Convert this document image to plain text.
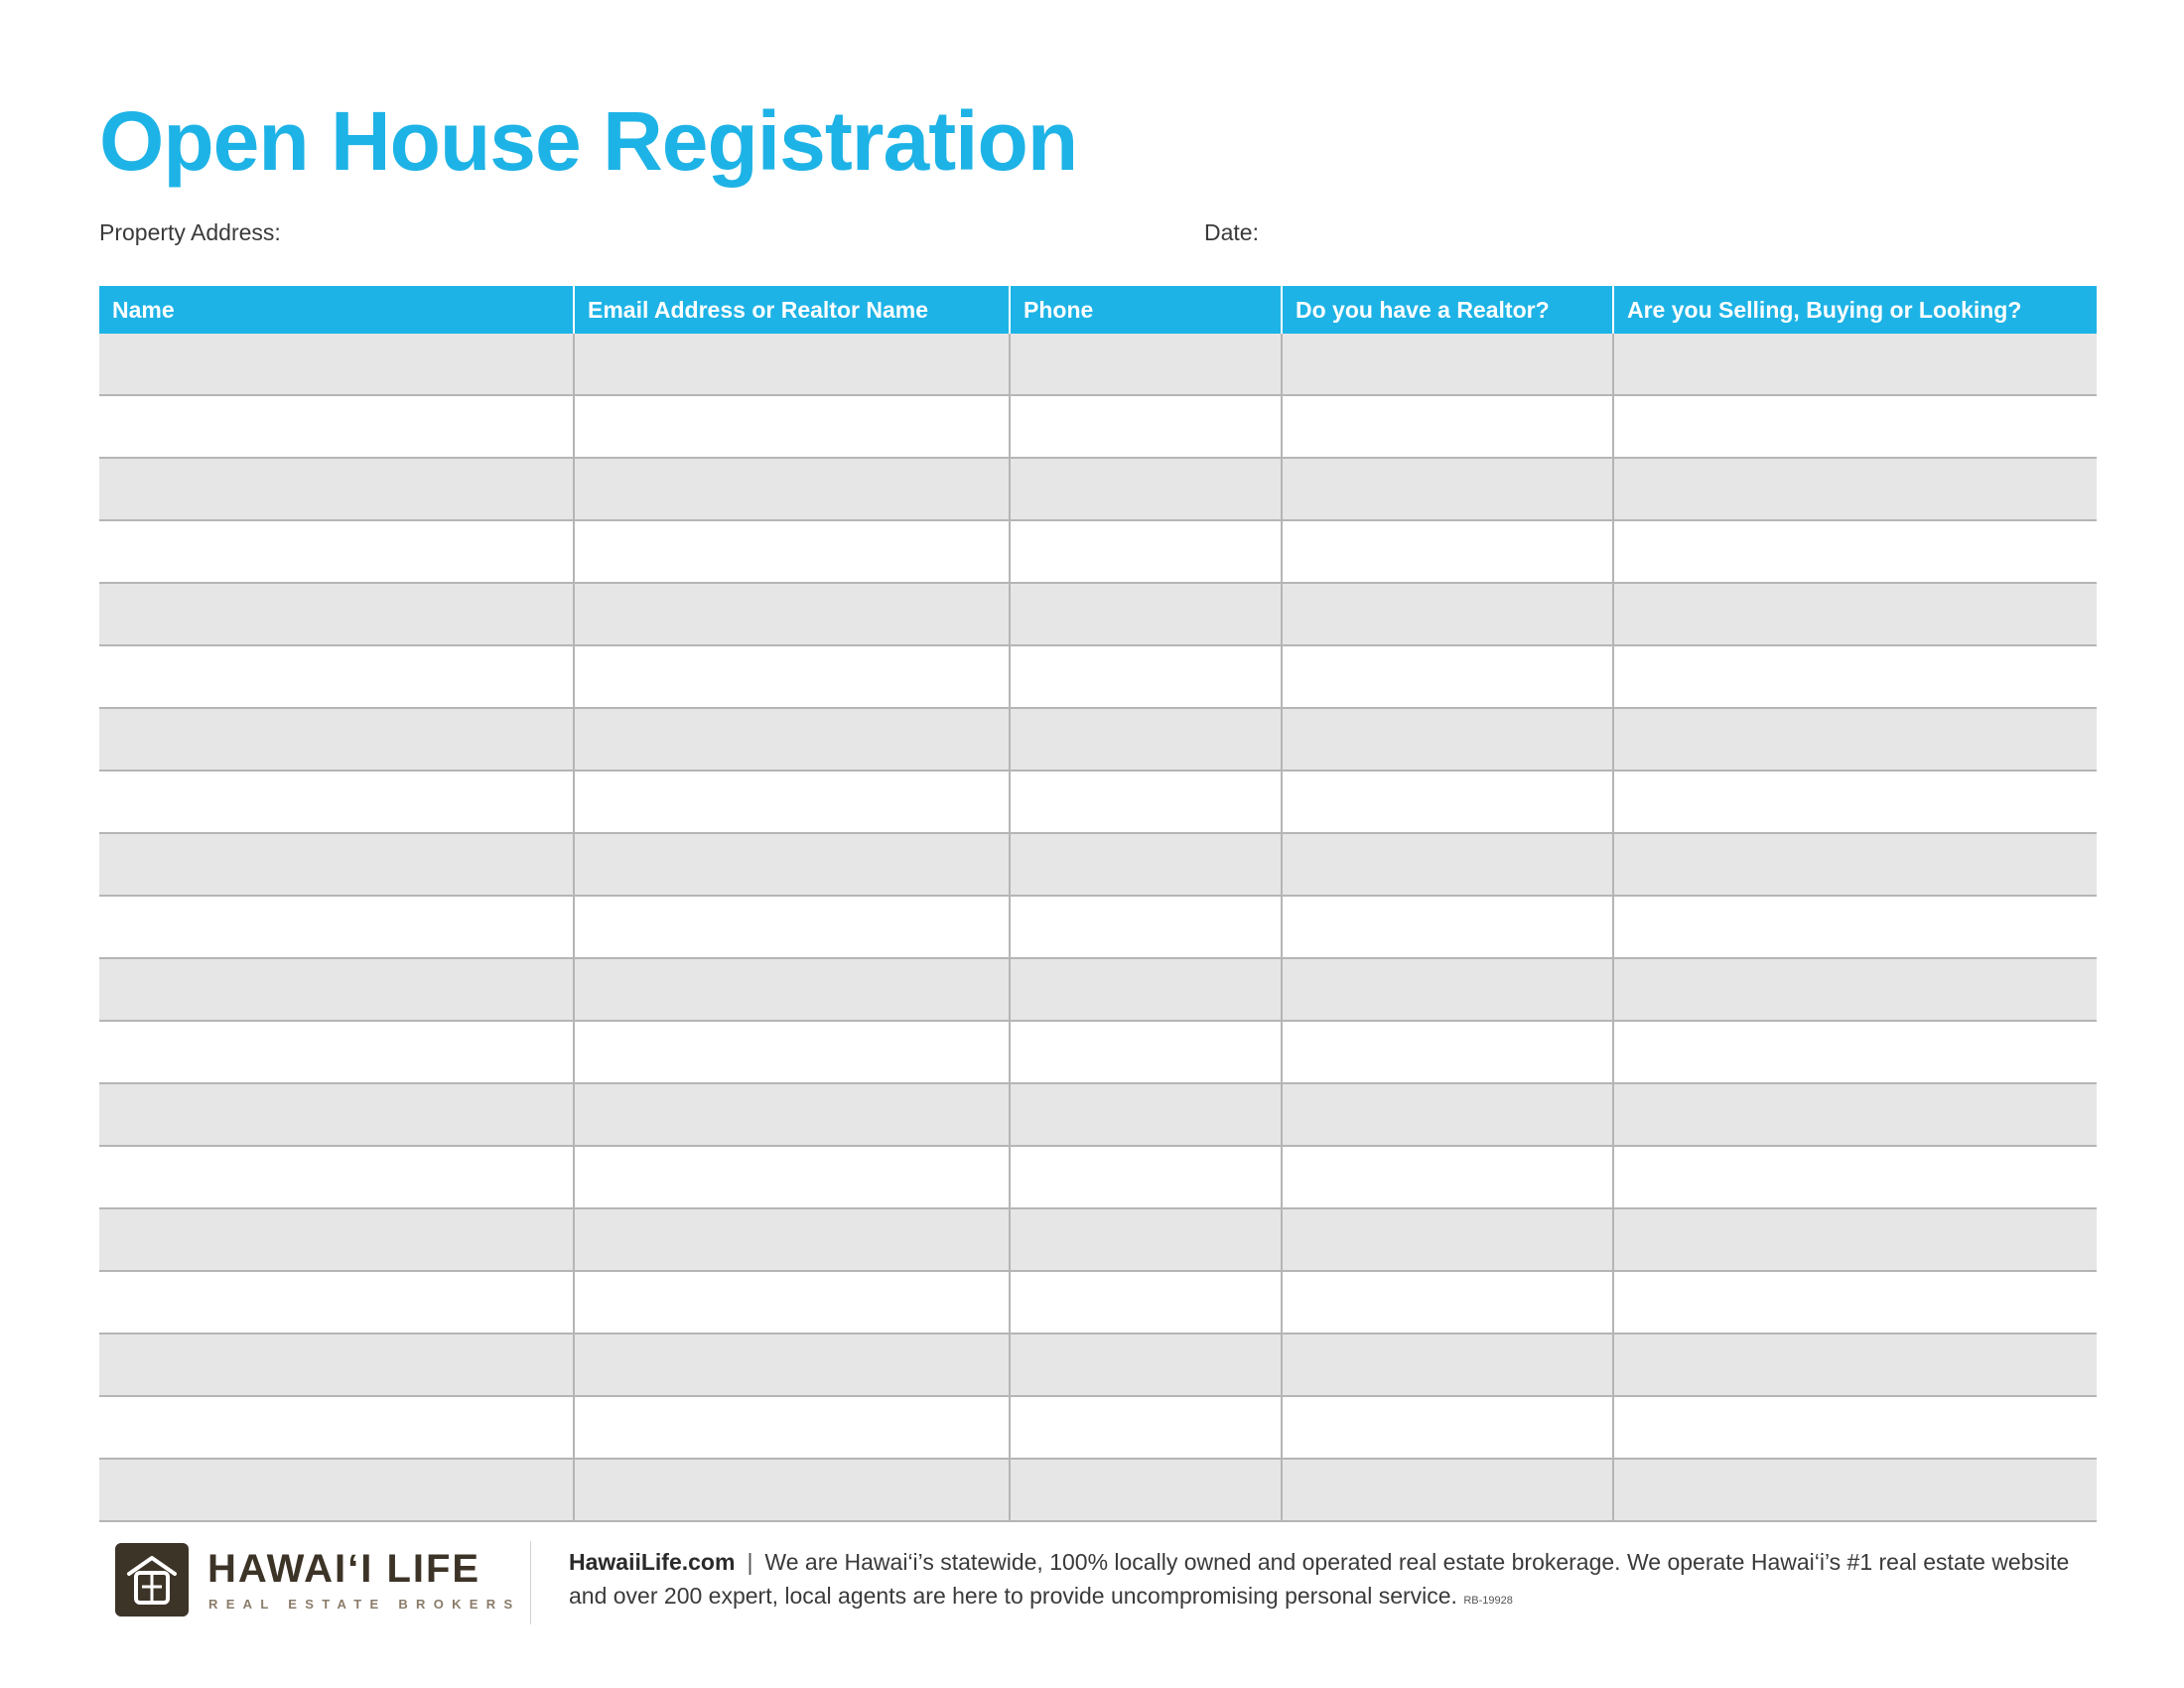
Open House Registration
Property Address:	Date:
Name	Email Address or Realtor Name	Phone	Do you have a Realtor?	Are you Selling, Buying or Looking?

HAWAI‘I LIFE
REAL ESTATE BROKERS
HawaiiLife.com | We are Hawai‘i’s statewide, 100% locally owned and operated real estate brokerage. We operate Hawai‘i’s #1 real estate website and over 200 expert, local agents are here to provide uncompromising personal service. RB-19928
